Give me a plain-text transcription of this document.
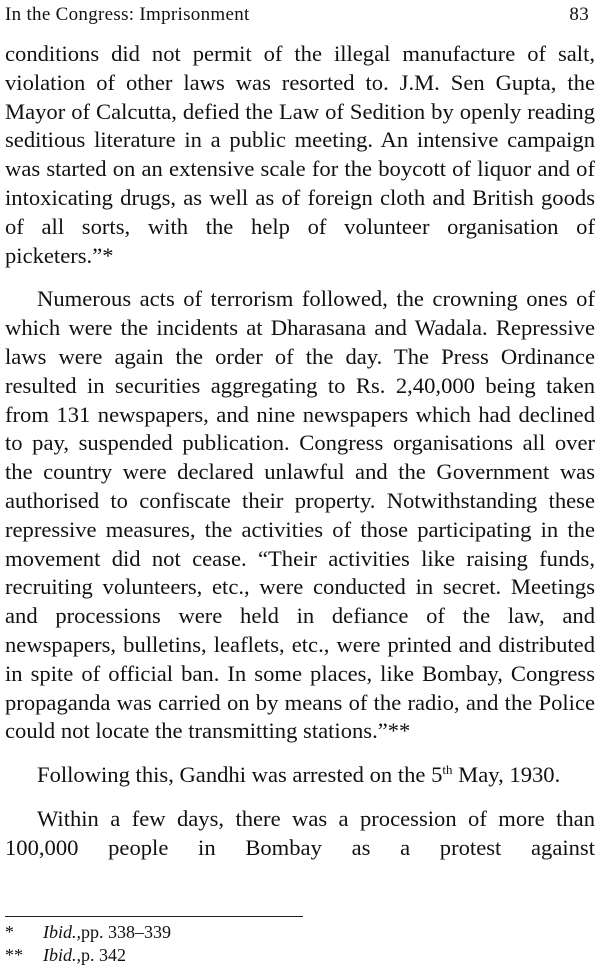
In the Congress: Imprisonment	83

conditions did not permit of the illegal manufacture of salt, violation of other laws was resorted to. J.M. Sen Gupta, the Mayor of Calcutta, defied the Law of Sedition by openly reading seditious literature in a public meeting. An intensive campaign was started on an extensive scale for the boycott of liquor and of intoxicating drugs, as well as of foreign cloth and British goods of all sorts, with the help of volunteer organisation of picketers.”*

Numerous acts of terrorism followed, the crowning ones of which were the incidents at Dharasana and Wadala. Repressive laws were again the order of the day. The Press Ordinance resulted in securities aggregating to Rs. 2,40,000 being taken from 131 newspapers, and nine newspapers which had declined to pay, suspended publication. Congress organisations all over the country were declared unlawful and the Government was authorised to confiscate their property. Notwithstanding these repressive measures, the activities of those participating in the movement did not cease. “Their activities like raising funds, recruiting volunteers, etc., were conducted in secret. Meetings and processions were held in defiance of the law, and newspapers, bulletins, leaflets, etc., were printed and distributed in spite of official ban. In some places, like Bombay, Congress propaganda was carried on by means of the radio, and the Police could not locate the transmitting stations.”**

Following this, Gandhi was arrested on the 5th May, 1930.

Within a few days, there was a procession of more than 100,000 people in Bombay as a protest against

*	Ibid., pp. 338–339
**	Ibid., p. 342
